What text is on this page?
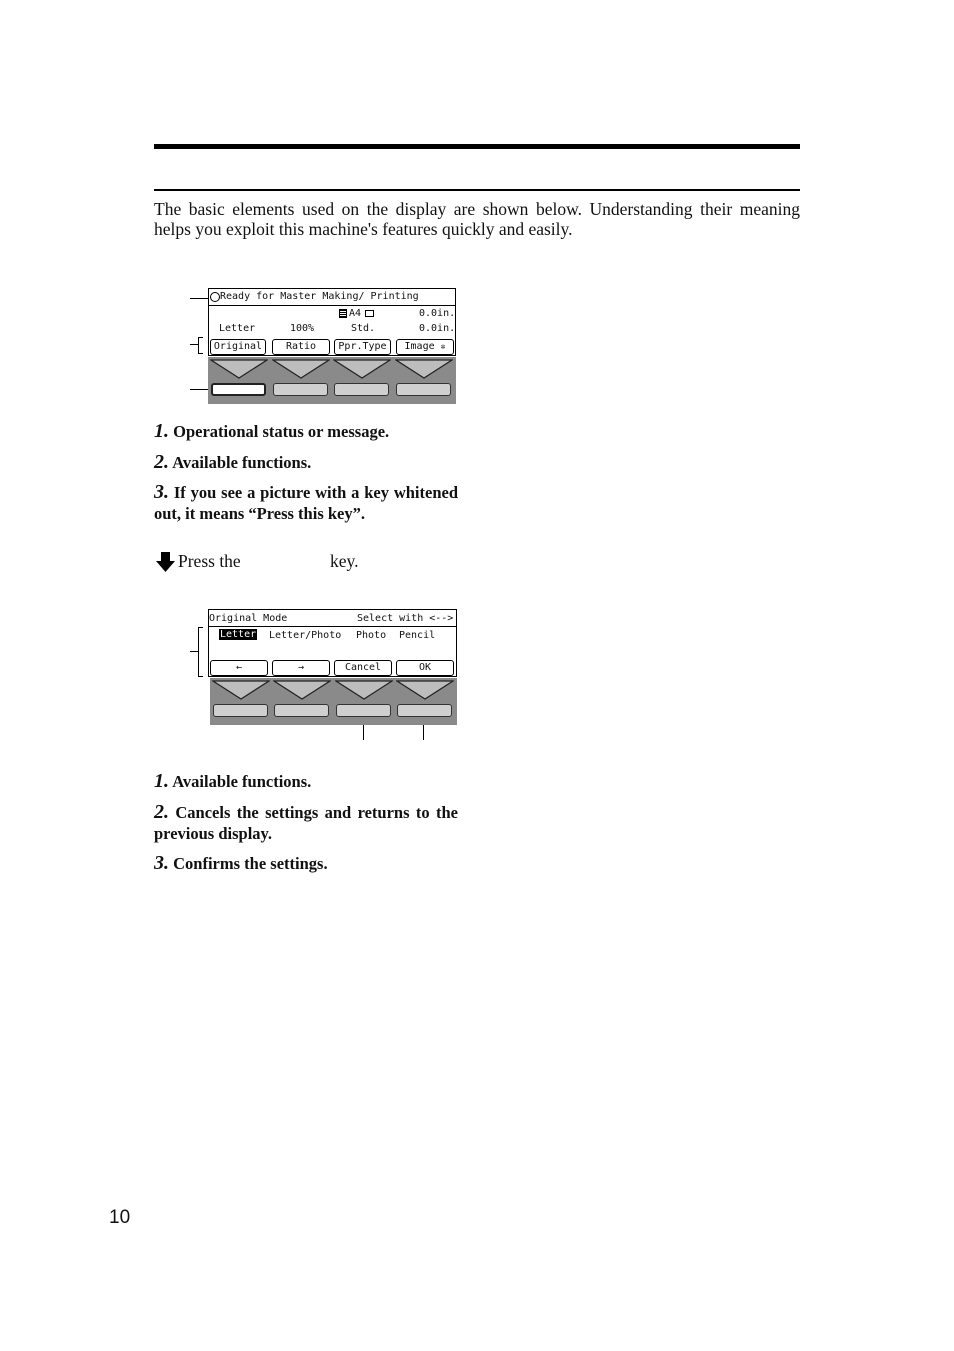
The basic elements used on the display are shown below. Understanding their meaning helps you exploit this machine's features quickly and easily.
Ready for Master Making/ Printing
A4	0.0in.
Letter	100%	Std.	0.0in.
Original	Ratio	Ppr.Type	Image ✲
1. Operational status or message.
2. Available functions.
3. If you see a picture with a key whitened out, it means “Press this key”.
Press the	key.
Original Mode	Select with <-->
Letter Letter/Photo Photo Pencil
←	→	Cancel	OK
1. Available functions.
2. Cancels the settings and returns to the previous display.
3. Confirms the settings.
10
